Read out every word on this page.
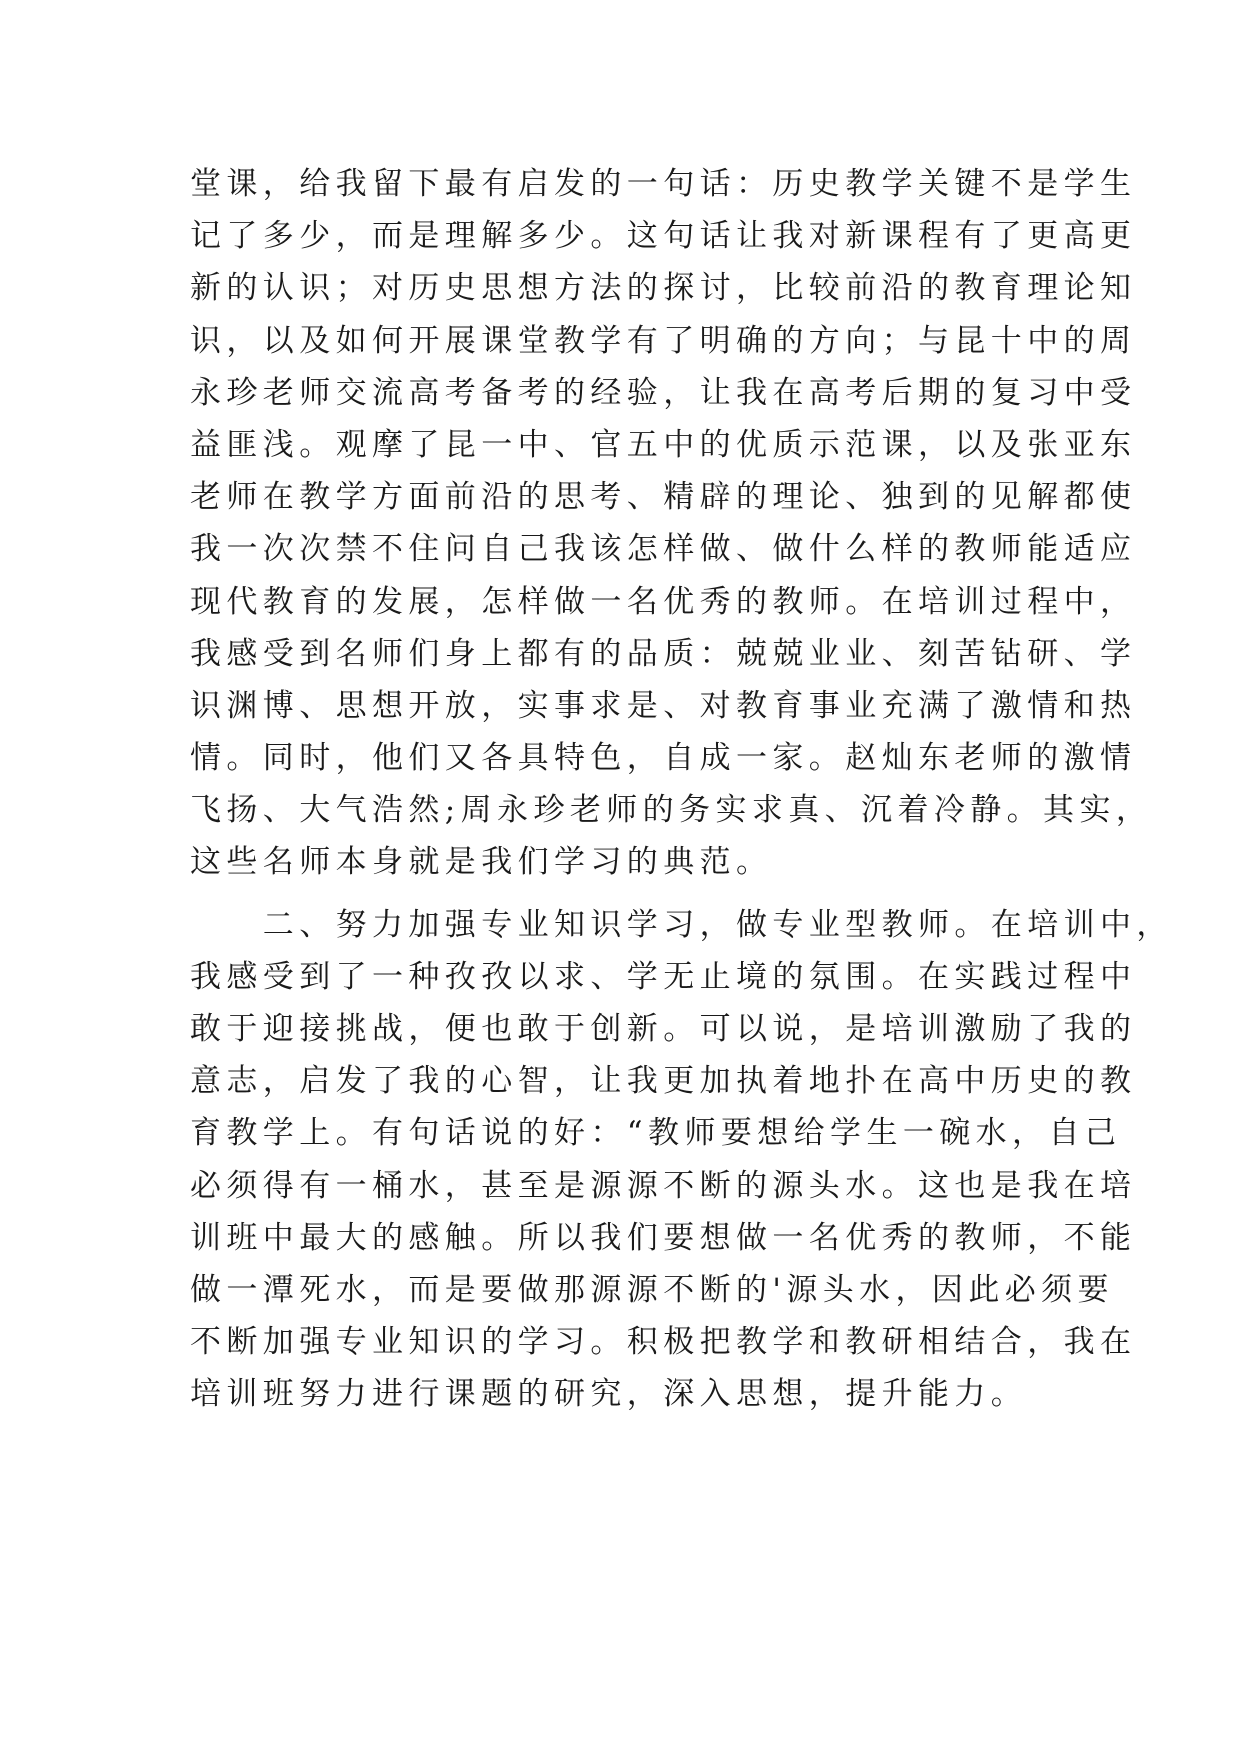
堂课，给我留下最有启发的一句话：历史教学关键不是学生
记了多少，而是理解多少。这句话让我对新课程有了更高更
新的认识；对历史思想方法的探讨，比较前沿的教育理论知
识，以及如何开展课堂教学有了明确的方向；与昆十中的周
永珍老师交流高考备考的经验，让我在高考后期的复习中受
益匪浅。观摩了昆一中、官五中的优质示范课，以及张亚东
老师在教学方面前沿的思考、精辟的理论、独到的见解都使
我一次次禁不住问自己我该怎样做、做什么样的教师能适应
现代教育的发展，怎样做一名优秀的教师。在培训过程中，
我感受到名师们身上都有的品质：兢兢业业、刻苦钻研、学
识渊博、思想开放，实事求是、对教育事业充满了激情和热
情。同时，他们又各具特色，自成一家。赵灿东老师的激情
飞扬、大气浩然;周永珍老师的务实求真、沉着冷静。其实，
这些名师本身就是我们学习的典范。
　　二、努力加强专业知识学习，做专业型教师。在培训中，
我感受到了一种孜孜以求、学无止境的氛围。在实践过程中
敢于迎接挑战，便也敢于创新。可以说，是培训激励了我的
意志，启发了我的心智，让我更加执着地扑在高中历史的教
育教学上。有句话说的好：“教师要想给学生一碗水，自己
必须得有一桶水，甚至是源源不断的源头水。这也是我在培
训班中最大的感触。所以我们要想做一名优秀的教师，不能
做一潭死水，而是要做那源源不断的'源头水，因此必须要
不断加强专业知识的学习。积极把教学和教研相结合，我在
培训班努力进行课题的研究，深入思想，提升能力。
